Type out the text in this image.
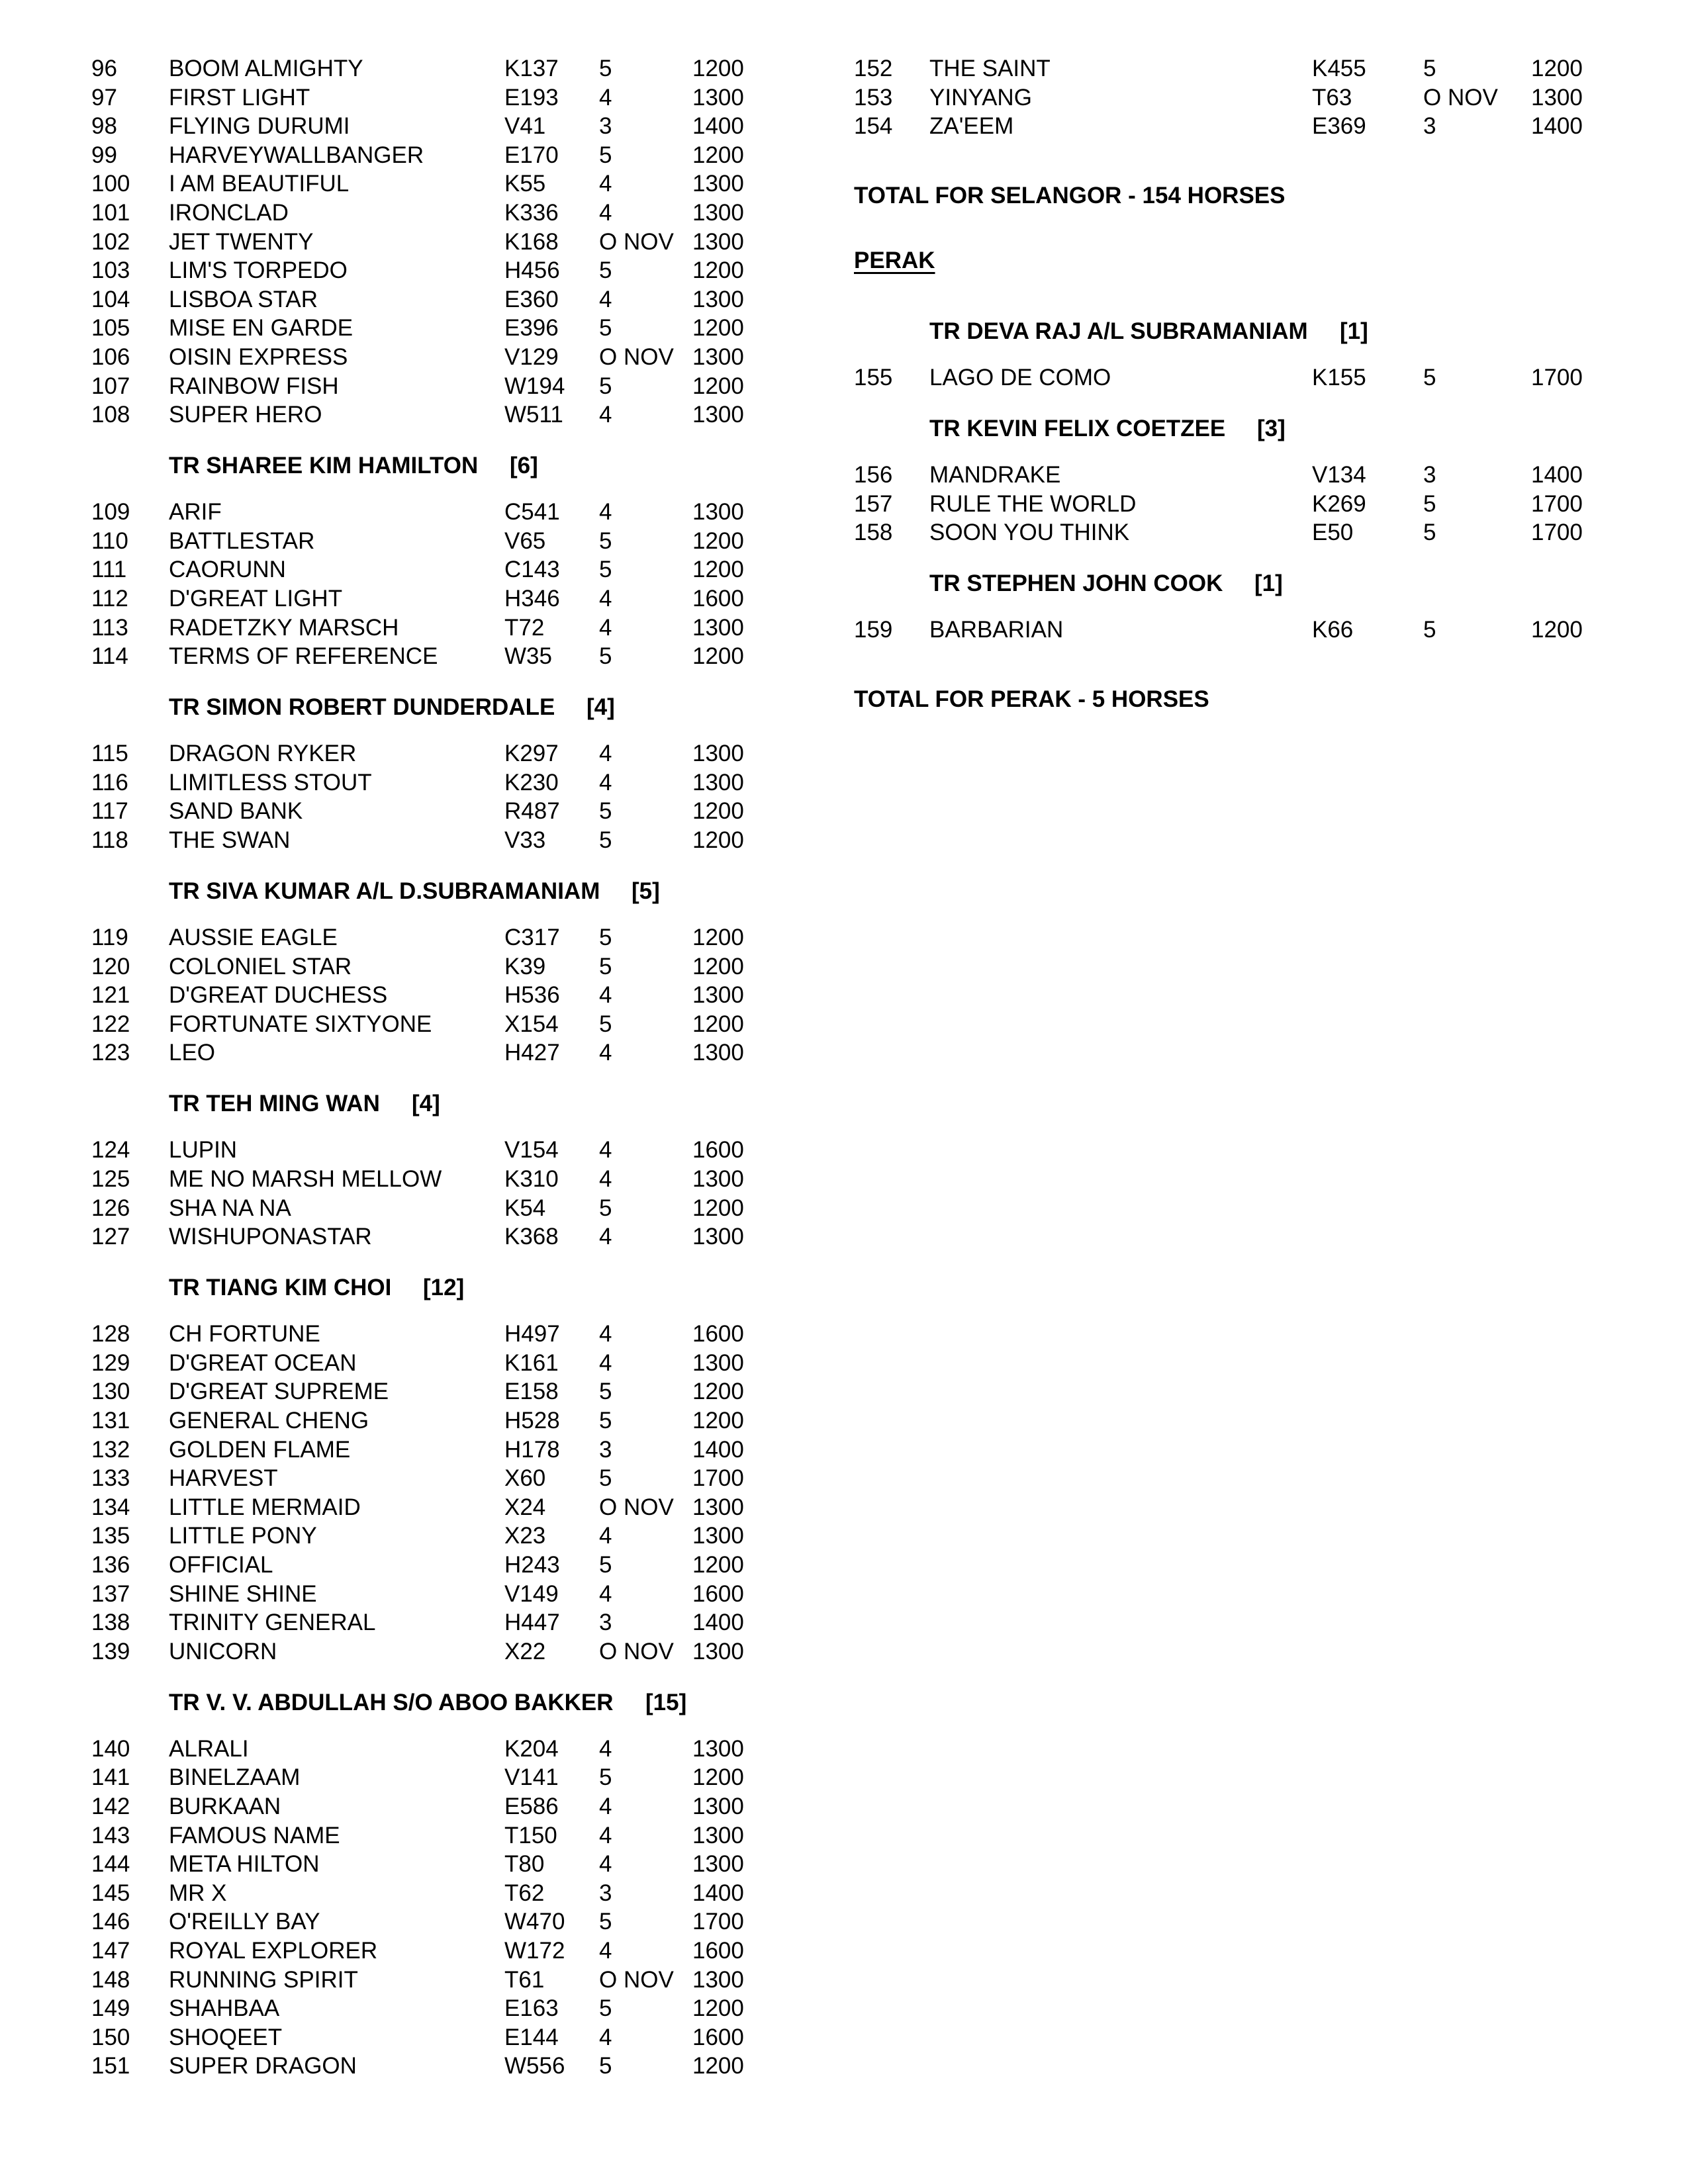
96 BOOM ALMIGHTY	K137 5	1200
97 FIRST LIGHT	E193 4	1300
98 FLYING DURUMI	V41 3	1400
99 HARVEYWALLBANGER	E170 5	1200
100 I AM BEAUTIFUL	K55 4	1300
101 IRONCLAD	K336 4	1300
102 JET TWENTY	K168 O NOV 1300
103 LIM'S TORPEDO	H456 5	1200
104 LISBOA STAR	E360 4	1300
105 MISE EN GARDE	E396 5	1200
106 OISIN EXPRESS	V129 O NOV 1300
107 RAINBOW FISH	W194 5	1200
108 SUPER HERO	W511 4	1300
TR SHAREE KIM HAMILTON [6]
109 ARIF	C541 4	1300
110 BATTLESTAR	V65 5	1200
111 CAORUNN	C143 5	1200
112 D'GREAT LIGHT	H346 4	1600
113 RADETZKY MARSCH	T72 4	1300
114 TERMS OF REFERENCE	W35 5	1200
TR SIMON ROBERT DUNDERDALE [4]
115 DRAGON RYKER	K297 4	1300
116 LIMITLESS STOUT	K230 4	1300
117 SAND BANK	R487 5	1200
118 THE SWAN	V33 5	1200
TR SIVA KUMAR A/L D.SUBRAMANIAM [5]
119 AUSSIE EAGLE	C317 5	1200
120 COLONIEL STAR	K39 5	1200
121 D'GREAT DUCHESS	H536 4	1300
122 FORTUNATE SIXTYONE	X154 5	1200
123 LEO	H427 4	1300
TR TEH MING WAN [4]
124 LUPIN	V154 4	1600
125 ME NO MARSH MELLOW	K310 4	1300
126 SHA NA NA	K54 5	1200
127 WISHUPONASTAR	K368 4	1300
TR TIANG KIM CHOI [12]
128 CH FORTUNE	H497 4	1600
129 D'GREAT OCEAN	K161 4	1300
130 D'GREAT SUPREME	E158 5	1200
131 GENERAL CHENG	H528 5	1200
132 GOLDEN FLAME	H178 3	1400
133 HARVEST	X60 5	1700
134 LITTLE MERMAID	X24 O NOV 1300
135 LITTLE PONY	X23 4	1300
136 OFFICIAL	H243 5	1200
137 SHINE SHINE	V149 4	1600
138 TRINITY GENERAL	H447 3	1400
139 UNICORN	X22 O NOV 1300
TR V. V. ABDULLAH S/O ABOO BAKKER [15]
140 ALRALI	K204 4	1300
141 BINELZAAM	V141 5	1200
142 BURKAAN	E586 4	1300
143 FAMOUS NAME	T150 4	1300
144 META HILTON	T80 4	1300
145 MR X	T62 3	1400
146 O'REILLY BAY	W470 5	1700
147 ROYAL EXPLORER	W172 4	1600
148 RUNNING SPIRIT	T61 O NOV 1300
149 SHAHBAA	E163 5	1200
150 SHOQEET	E144 4	1600
151 SUPER DRAGON	W556 5	1200
152 THE SAINT	K455 5	1200
153 YINYANG	T63	O NOV 1300
154 ZA'EEM	E369 3	1400
TOTAL FOR SELANGOR - 154 HORSES
PERAK
TR DEVA RAJ A/L SUBRAMANIAM [1]
155 LAGO DE COMO	K155 5	1700
TR KEVIN FELIX COETZEE [3]
156 MANDRAKE	V134 3	1400
157 RULE THE WORLD	K269 5	1700
158 SOON YOU THINK	E50	5	1700
TR STEPHEN JOHN COOK [1]
159 BARBARIAN	K66	5	1200
TOTAL FOR PERAK - 5 HORSES
